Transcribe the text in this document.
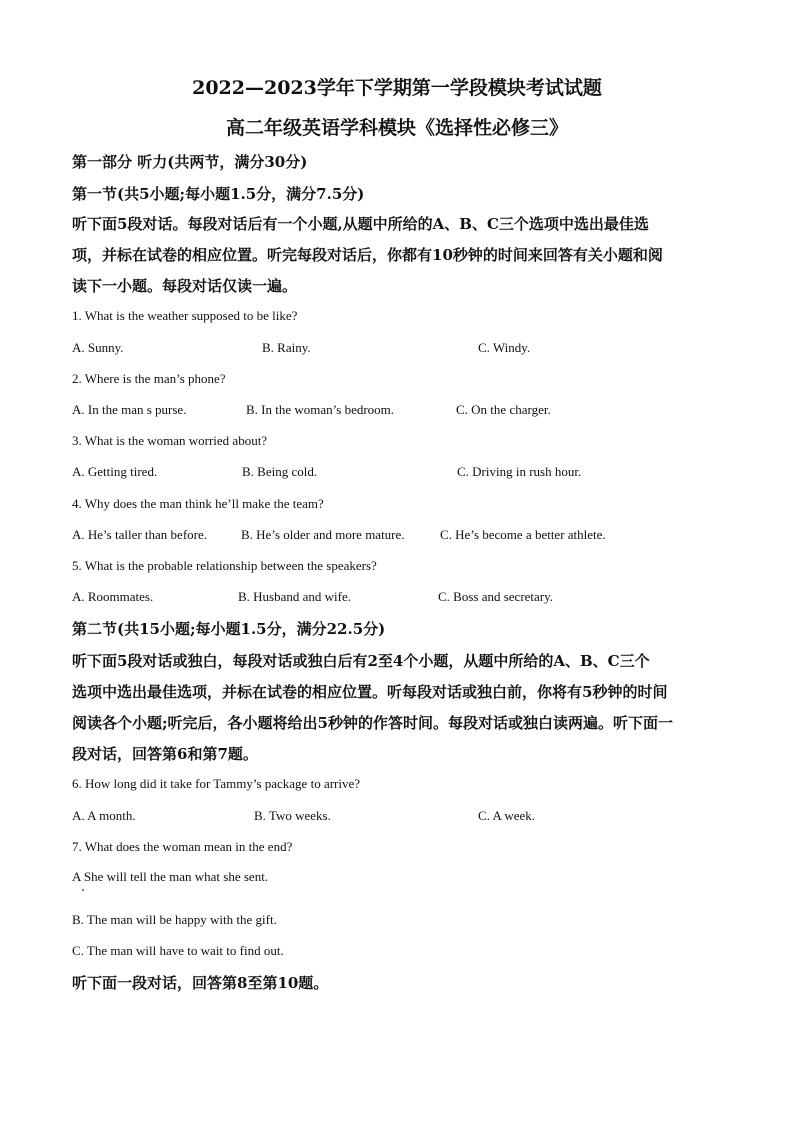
2022—2023学年下学期第一学段模块考试试题
高二年级英语学科模块《选择性必修三》
第一部分 听力(共两节，满分30分)
第一节(共5小题;每小题1.5分，满分7.5分)
听下面5段对话。每段对话后有一个小题,从题中所给的A、B、C三个选项中选出最佳选
项，并标在试卷的相应位置。听完每段对话后，你都有10秒钟的时间来回答有关小题和阅
读下一小题。每段对话仅读一遍。
1. What is the weather supposed to be like?
A. Sunny.	B. Rainy.	C. Windy.
2. Where is the man’s phone?
A. In the man s purse.	B. In the woman’s bedroom.	C. On the charger.
3. What is the woman worried about?
A. Getting tired.	B. Being cold.	C. Driving in rush hour.
4. Why does the man think he’ll make the team?
A. He’s taller than before.	B. He’s older and more mature.	C. He’s become a better athlete.
5. What is the probable relationship between the speakers?
A. Roommates.	B. Husband and wife.	C. Boss and secretary.
第二节(共15小题;每小题1.5分，满分22.5分)
听下面5段对话或独白，每段对话或独白后有2至4个小题，从题中所给的A、B、C三个
选项中选出最佳选项，并标在试卷的相应位置。听每段对话或独白前，你将有5秒钟的时间
阅读各个小题;听完后，各小题将给出5秒钟的作答时间。每段对话或独白读两遍。听下面一
段对话，回答第6和第7题。
6. How long did it take for Tammy’s package to arrive?
A. A month.	B. Two weeks.	C. A week.
7. What does the woman mean in the end?
A She will tell the man what she sent.
B. The man will be happy with the gift.
C. The man will have to wait to find out.
听下面一段对话，回答第8至第10题。
